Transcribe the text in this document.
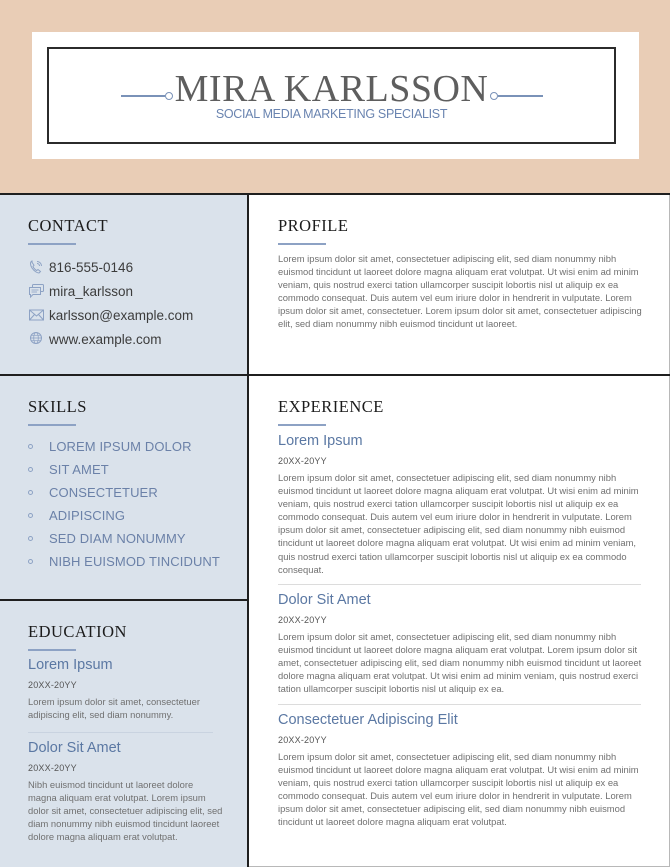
MIRA KARLSSON
SOCIAL MEDIA MARKETING SPECIALIST
CONTACT
816-555-0146
mira_karlsson
karlsson@example.com
www.example.com
PROFILE
Lorem ipsum dolor sit amet, consectetuer adipiscing elit, sed diam nonummy nibh euismod tincidunt ut laoreet dolore magna aliquam erat volutpat. Ut wisi enim ad minim veniam, quis nostrud exerci tation ullamcorper suscipit lobortis nisl ut aliquip ex ea commodo consequat. Duis autem vel eum iriure dolor in hendrerit in vulputate. Lorem ipsum dolor sit amet, consectetuer. Lorem ipsum dolor sit amet, consectetuer adipiscing elit, sed diam nonummy nibh euismod tincidunt ut laoreet.
SKILLS
LOREM IPSUM DOLOR
SIT AMET
CONSECTETUER
ADIPISCING
SED DIAM NONUMMY
NIBH EUISMOD TINCIDUNT
EXPERIENCE
Lorem Ipsum
20XX-20YY
Lorem ipsum dolor sit amet, consectetuer adipiscing elit, sed diam nonummy nibh euismod tincidunt ut laoreet dolore magna aliquam erat volutpat. Ut wisi enim ad minim veniam, quis nostrud exerci tation ullamcorper suscipit lobortis nisl ut aliquip ex ea commodo consequat. Duis autem vel eum iriure dolor in hendrerit in vulputate. Lorem ipsum dolor sit amet, consectetuer adipiscing elit, sed diam nonummy nibh euismod tincidunt ut laoreet dolore magna aliquam erat volutpat. Ut wisi enim ad minim veniam, quis nostrud exerci tation ullamcorper suscipit lobortis nisl ut aliquip ex ea commodo consequat.
Dolor Sit Amet
20XX-20YY
Lorem ipsum dolor sit amet, consectetuer adipiscing elit, sed diam nonummy nibh euismod tincidunt ut laoreet dolore magna aliquam erat volutpat. Lorem ipsum dolor sit amet, consectetuer adipiscing elit, sed diam nonummy nibh euismod tincidunt ut laoreet dolore magna aliquam erat volutpat. Ut wisi enim ad minim veniam, quis nostrud exerci tation ullamcorper suscipit lobortis nisl ut aliquip ex ea.
Consectetuer Adipiscing Elit
20XX-20YY
Lorem ipsum dolor sit amet, consectetuer adipiscing elit, sed diam nonummy nibh euismod tincidunt ut laoreet dolore magna aliquam erat volutpat. Ut wisi enim ad minim veniam, quis nostrud exerci tation ullamcorper suscipit lobortis nisl ut aliquip ex ea commodo consequat. Duis autem vel eum iriure dolor in hendrerit in vulputate. Lorem ipsum dolor sit amet, consectetuer adipiscing elit, sed diam nonummy nibh euismod tincidunt ut laoreet dolore magna aliquam erat volutpat.
EDUCATION
Lorem Ipsum
20XX-20YY
Lorem ipsum dolor sit amet, consectetuer adipiscing elit, sed diam nonummy.
Dolor Sit Amet
20XX-20YY
Nibh euismod tincidunt ut laoreet dolore magna aliquam erat volutpat. Lorem ipsum dolor sit amet, consectetuer adipiscing elit, sed diam nonummy nibh euismod tincidunt laoreet dolore magna aliquam erat volutpat.
